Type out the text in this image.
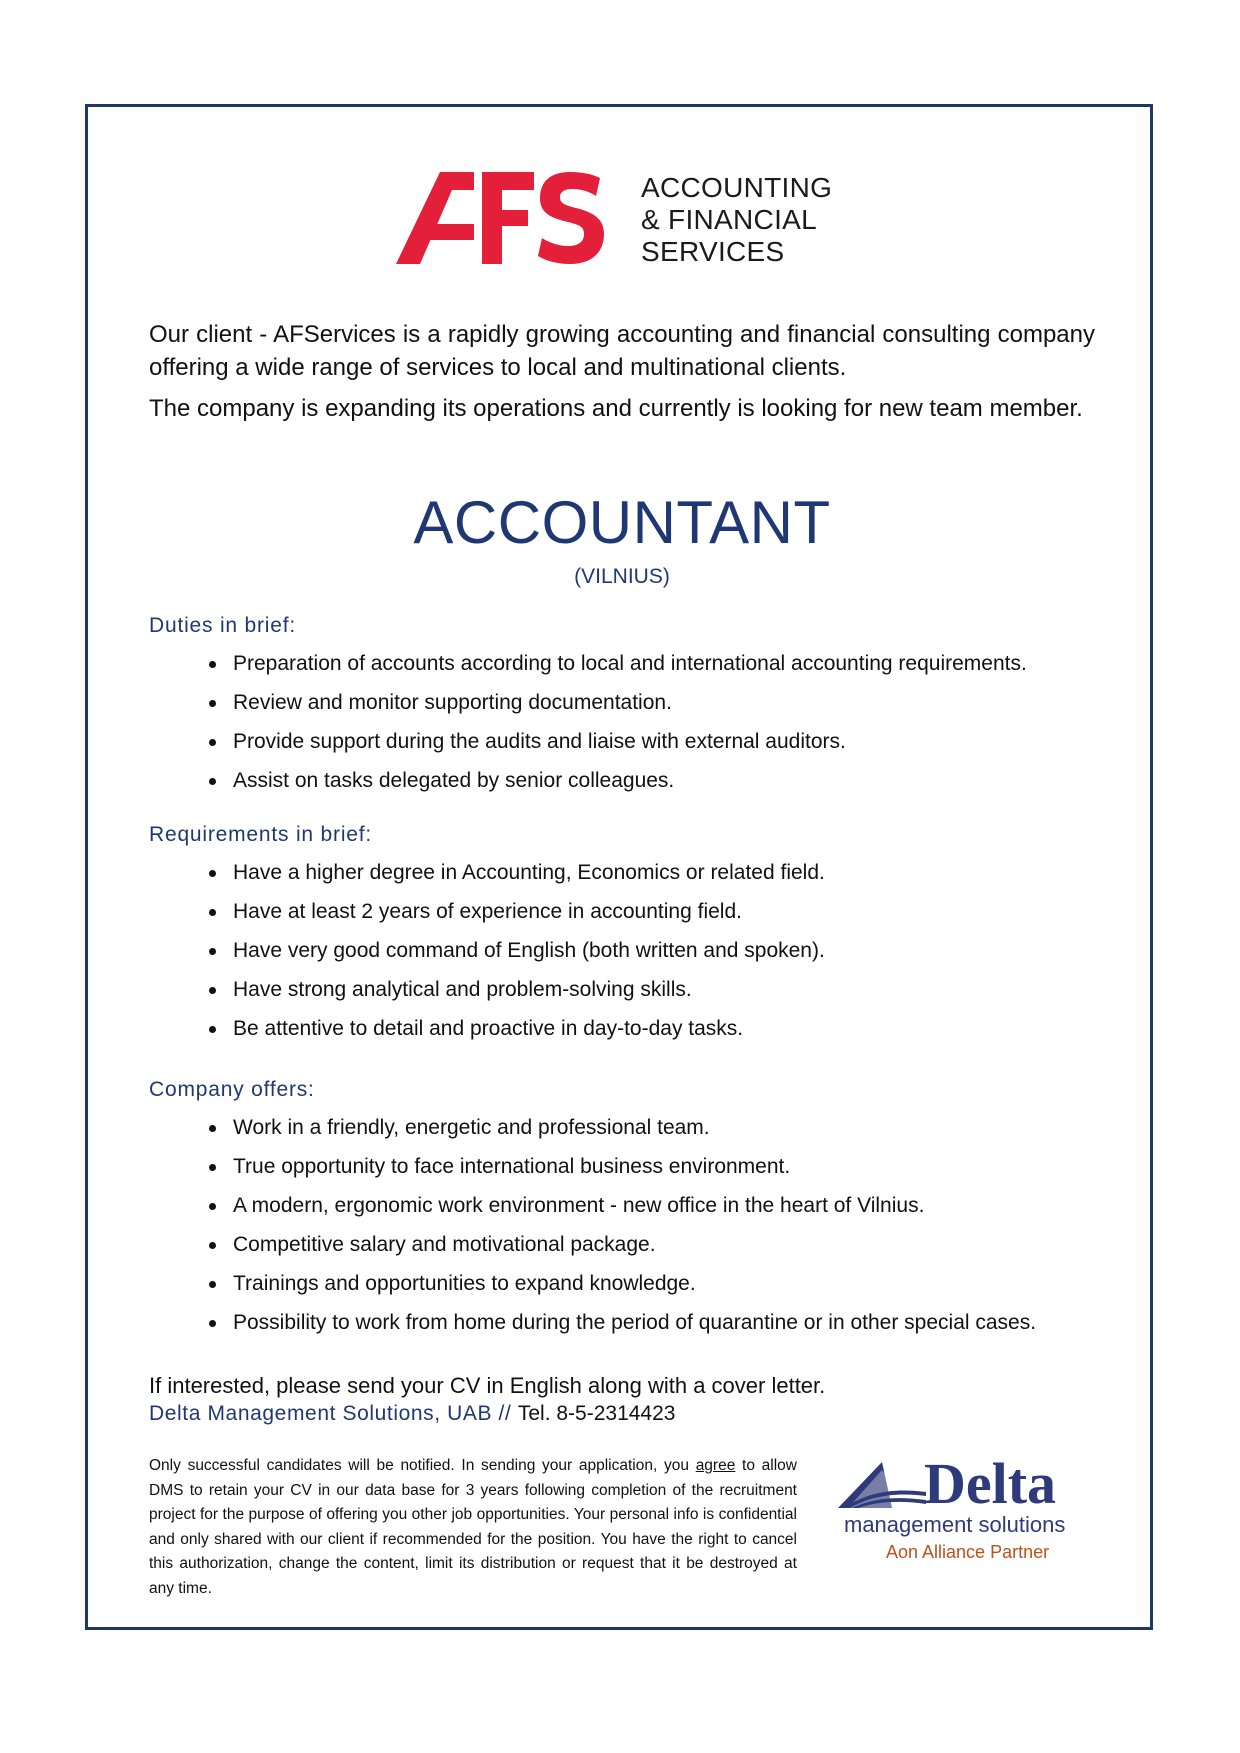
ACCOUNTING
& FINANCIAL
SERVICES

Our client - AFServices is a rapidly growing accounting and financial consulting company offering a wide range of services to local and multinational clients.

The company is expanding its operations and currently is looking for new team member.

ACCOUNTANT
(VILNIUS)
Duties in brief:
Preparation of accounts according to local and international accounting requirements.
Review and monitor supporting documentation.
Provide support during the audits and liaise with external auditors.
Assist on tasks delegated by senior colleagues.
Requirements in brief:
Have a higher degree in Accounting, Economics or related field.
Have at least 2 years of experience in accounting field.
Have very good command of English (both written and spoken).
Have strong analytical and problem-solving skills.
Be attentive to detail and proactive in day-to-day tasks.
Company offers:
Work in a friendly, energetic and professional team.
True opportunity to face international business environment.
A modern, ergonomic work environment - new office in the heart of Vilnius.
Competitive salary and motivational package.
Trainings and opportunities to expand knowledge.
Possibility to work from home during the period of quarantine or in other special cases.
If interested, please send your CV in English along with a cover letter.
Delta Management Solutions, UAB // Tel. 8-5-2314423
Only successful candidates will be notified. In sending your application, you agree to allow DMS to retain your CV in our data base for 3 years following completion of the recruitment project for the purpose of offering you other job opportunities. Your personal info is confidential and only shared with our client if recommended for the position. You have the right to cancel this authorization, change the content, limit its distribution or request that it be destroyed at any time.
Delta
management solutions
Aon Alliance Partner
